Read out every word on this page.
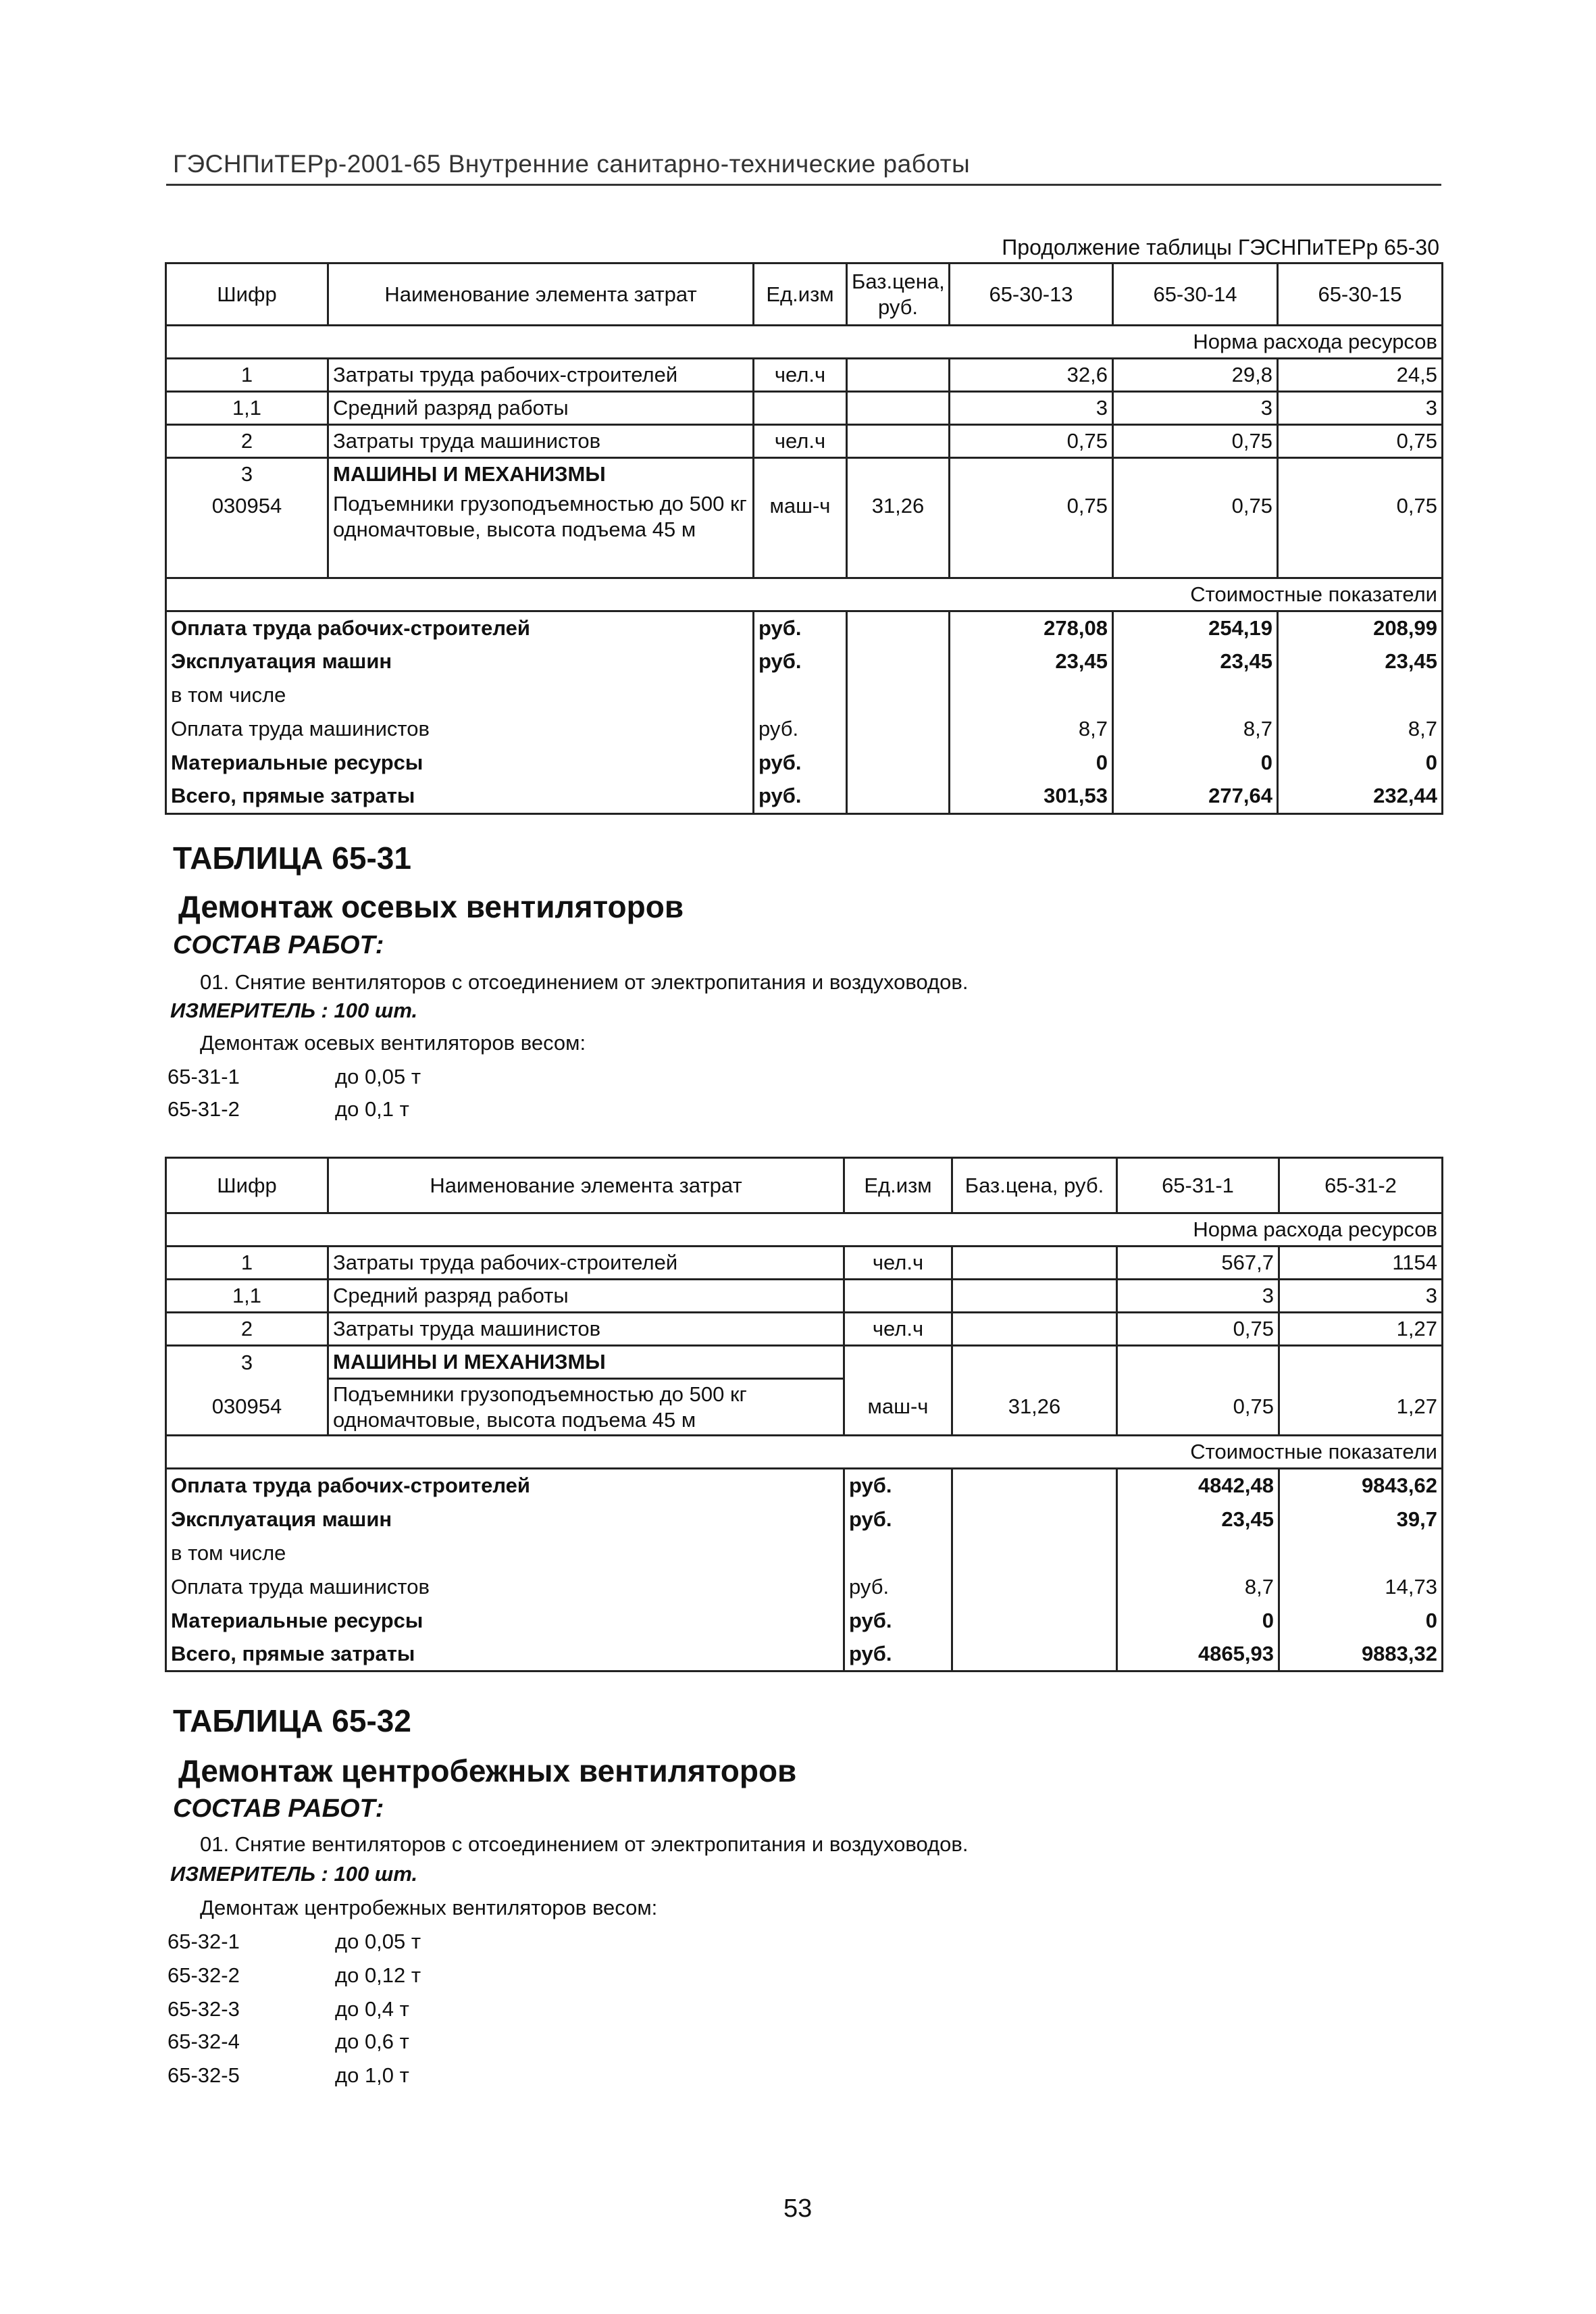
ГЭСНПиТЕРр-2001-65 Внутренние санитарно-технические работы
Продолжение таблицы ГЭСНПиТЕРр 65-30
Шифр	Наименование элемента затрат	Ед.изм	Баз.цена, руб.	65-30-13	65-30-14	65-30-15
Норма расхода ресурсов						
1	Затраты труда рабочих-строителей	чел.ч		32,6	29,8	24,5
1,1	Средний разряд работы			3	3	3
2	Затраты труда машинистов	чел.ч		0,75	0,75	0,75
3	МАШИНЫ И МЕХАНИЗМЫ					
030954	Подъемники грузоподъемностью до 500 кг одномачтовые, высота подъема 45 м	маш-ч	31,26	0,75	0,75	0,75
Стоимостные показатели						
Оплата труда рабочих-строителей		руб.		278,08	254,19	208,99
Эксплуатация машин		руб.		23,45	23,45	23,45
в том числе						
Оплата труда машинистов		руб.		8,7	8,7	8,7
Материальные ресурсы		руб.		0	0	0
Всего, прямые затраты		руб.		301,53	277,64	232,44
ТАБЛИЦА 65-31
Демонтаж осевых вентиляторов
СОСТАВ РАБОТ:
01. Снятие вентиляторов с отсоединением от электропитания и воздуховодов.
ИЗМЕРИТЕЛЬ : 100 шт.
Демонтаж осевых вентиляторов весом:
65-31-1	до 0,05 т
65-31-2	до 0,1 т
Шифр	Наименование элемента затрат	Ед.изм	Баз.цена, руб.	65-31-1	65-31-2
Норма расхода ресурсов					
1	Затраты труда рабочих-строителей	чел.ч		567,7	1154
1,1	Средний разряд работы			3	3
2	Затраты труда машинистов	чел.ч		0,75	1,27
3	МАШИНЫ И МЕХАНИЗМЫ				
030954	Подъемники грузоподъемностью до 500 кг одномачтовые, высота подъема 45 м	маш-ч	31,26	0,75	1,27
Стоимостные показатели					
Оплата труда рабочих-строителей		руб.		4842,48	9843,62
Эксплуатация машин		руб.		23,45	39,7
в том числе					
Оплата труда машинистов		руб.		8,7	14,73
Материальные ресурсы		руб.		0	0
Всего, прямые затраты		руб.		4865,93	9883,32
ТАБЛИЦА 65-32
Демонтаж центробежных вентиляторов
СОСТАВ РАБОТ:
01. Снятие вентиляторов с отсоединением от электропитания и воздуховодов.
ИЗМЕРИТЕЛЬ : 100 шт.
Демонтаж центробежных вентиляторов весом:
65-32-1	до 0,05 т
65-32-2	до 0,12 т
65-32-3	до 0,4 т
65-32-4	до 0,6 т
65-32-5	до 1,0 т
53
